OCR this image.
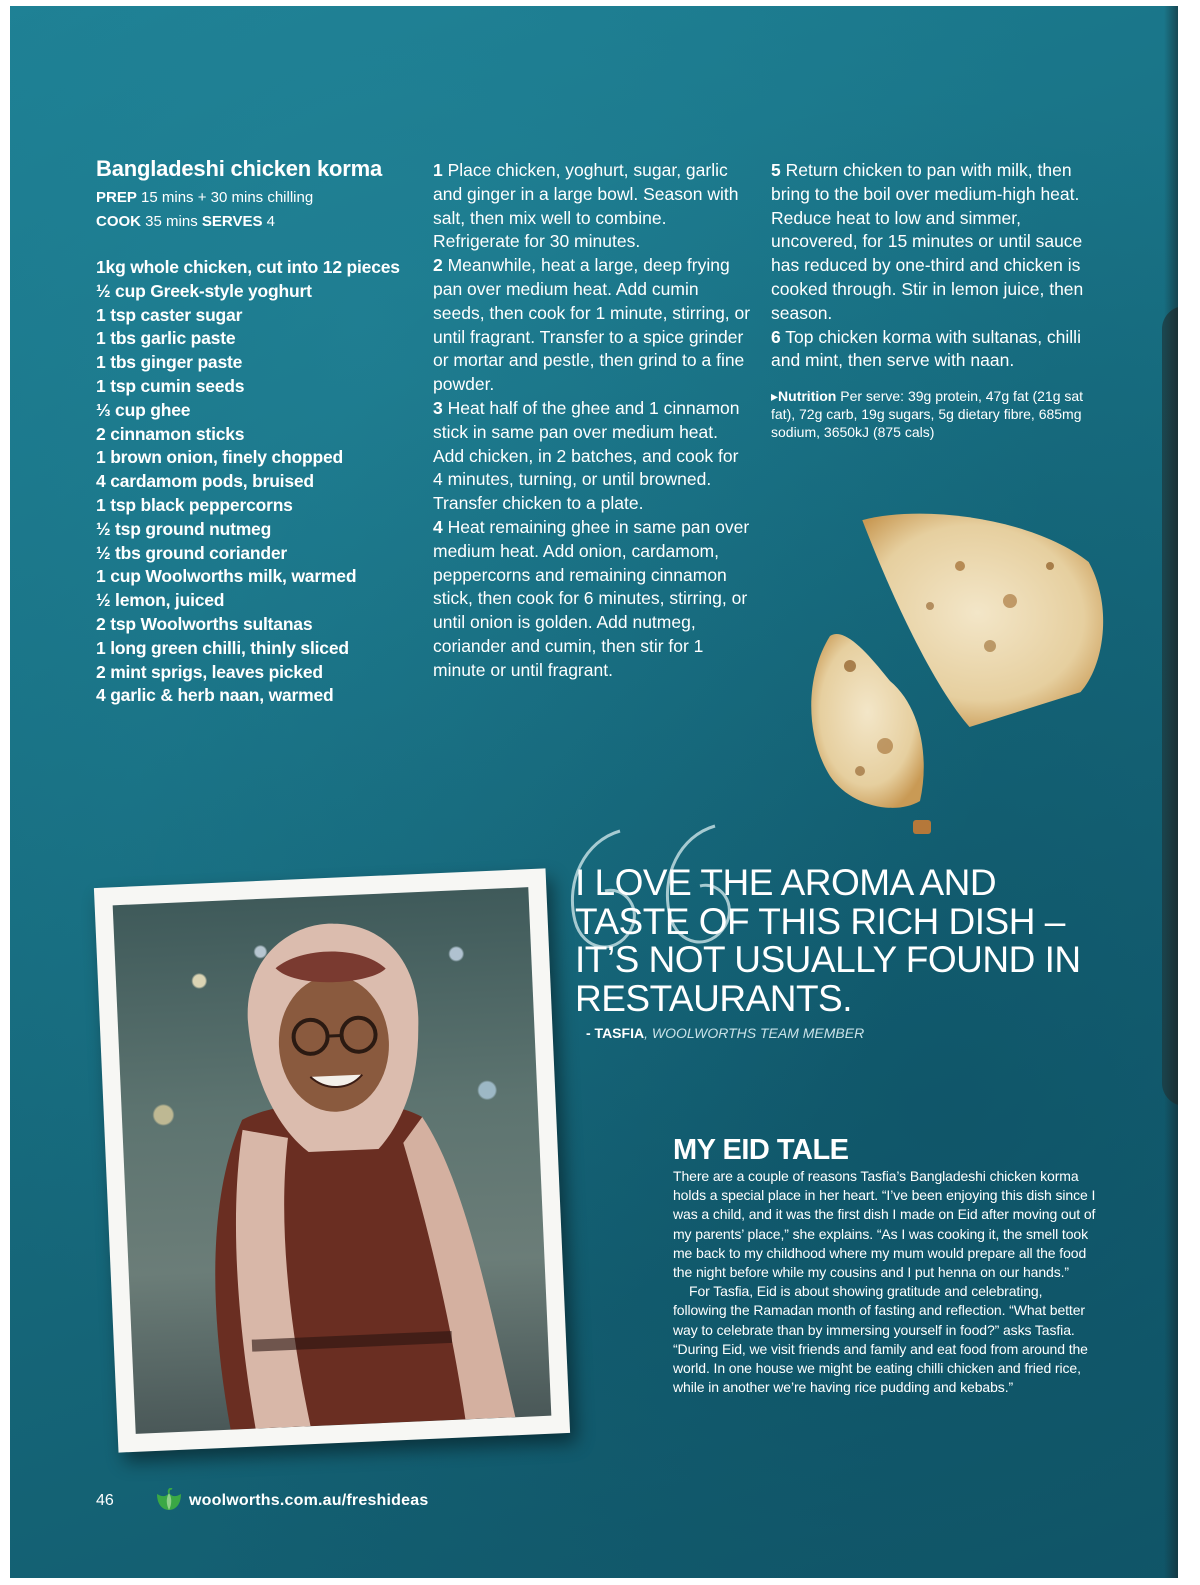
Bangladeshi chicken korma
PREP 15 mins + 30 mins chilling
COOK 35 mins SERVES 4
1kg whole chicken, cut into 12 pieces
½ cup Greek-style yoghurt
1 tsp caster sugar
1 tbs garlic paste
1 tbs ginger paste
1 tsp cumin seeds
⅓ cup ghee
2 cinnamon sticks
1 brown onion, finely chopped
4 cardamom pods, bruised
1 tsp black peppercorns
½ tsp ground nutmeg
½ tbs ground coriander
1 cup Woolworths milk, warmed
½ lemon, juiced
2 tsp Woolworths sultanas
1 long green chilli, thinly sliced
2 mint sprigs, leaves picked
4 garlic & herb naan, warmed

1 Place chicken, yoghurt, sugar, garlic and ginger in a large bowl. Season with salt, then mix well to combine. Refrigerate for 30 minutes.

2 Meanwhile, heat a large, deep frying pan over medium heat. Add cumin seeds, then cook for 1 minute, stirring, or until fragrant. Transfer to a spice grinder or mortar and pestle, then grind to a fine powder.

3 Heat half of the ghee and 1 cinnamon stick in same pan over medium heat. Add chicken, in 2 batches, and cook for 4 minutes, turning, or until browned. Transfer chicken to a plate.

4 Heat remaining ghee in same pan over medium heat. Add onion, cardamom, peppercorns and remaining cinnamon stick, then cook for 6 minutes, stirring, or until onion is golden. Add nutmeg, coriander and cumin, then stir for 1 minute or until fragrant.

5 Return chicken to pan with milk, then bring to the boil over medium-high heat. Reduce heat to low and simmer, uncovered, for 15 minutes or until sauce has reduced by one-third and chicken is cooked through. Stir in lemon juice, then season.

6 Top chicken korma with sultanas, chilli and mint, then serve with naan.

▸Nutrition Per serve: 39g protein, 47g fat (21g sat fat), 72g carb, 19g sugars, 5g dietary fibre, 685mg sodium, 3650kJ (875 cals)
I LOVE THE AROMA AND TASTE OF THIS RICH DISH – IT’S NOT USUALLY FOUND IN RESTAURANTS.
- TASFIA, WOOLWORTHS TEAM MEMBER
MY EID TALE

There are a couple of reasons Tasfia’s Bangladeshi chicken korma holds a special place in her heart. “I’ve been enjoying this dish since I was a child, and it was the first dish I made on Eid after moving out of my parents’ place,” she explains. “As I was cooking it, the smell took me back to my childhood where my mum would prepare all the food the night before while my cousins and I put henna on our hands.”

For Tasfia, Eid is about showing gratitude and celebrating, following the Ramadan month of fasting and reflection. “What better way to celebrate than by immersing yourself in food?” asks Tasfia. “During Eid, we visit friends and family and eat food from around the world. In one house we might be eating chilli chicken and fried rice, while in another we’re having rice pudding and kebabs.”

46	woolworths.com.au/freshideas
